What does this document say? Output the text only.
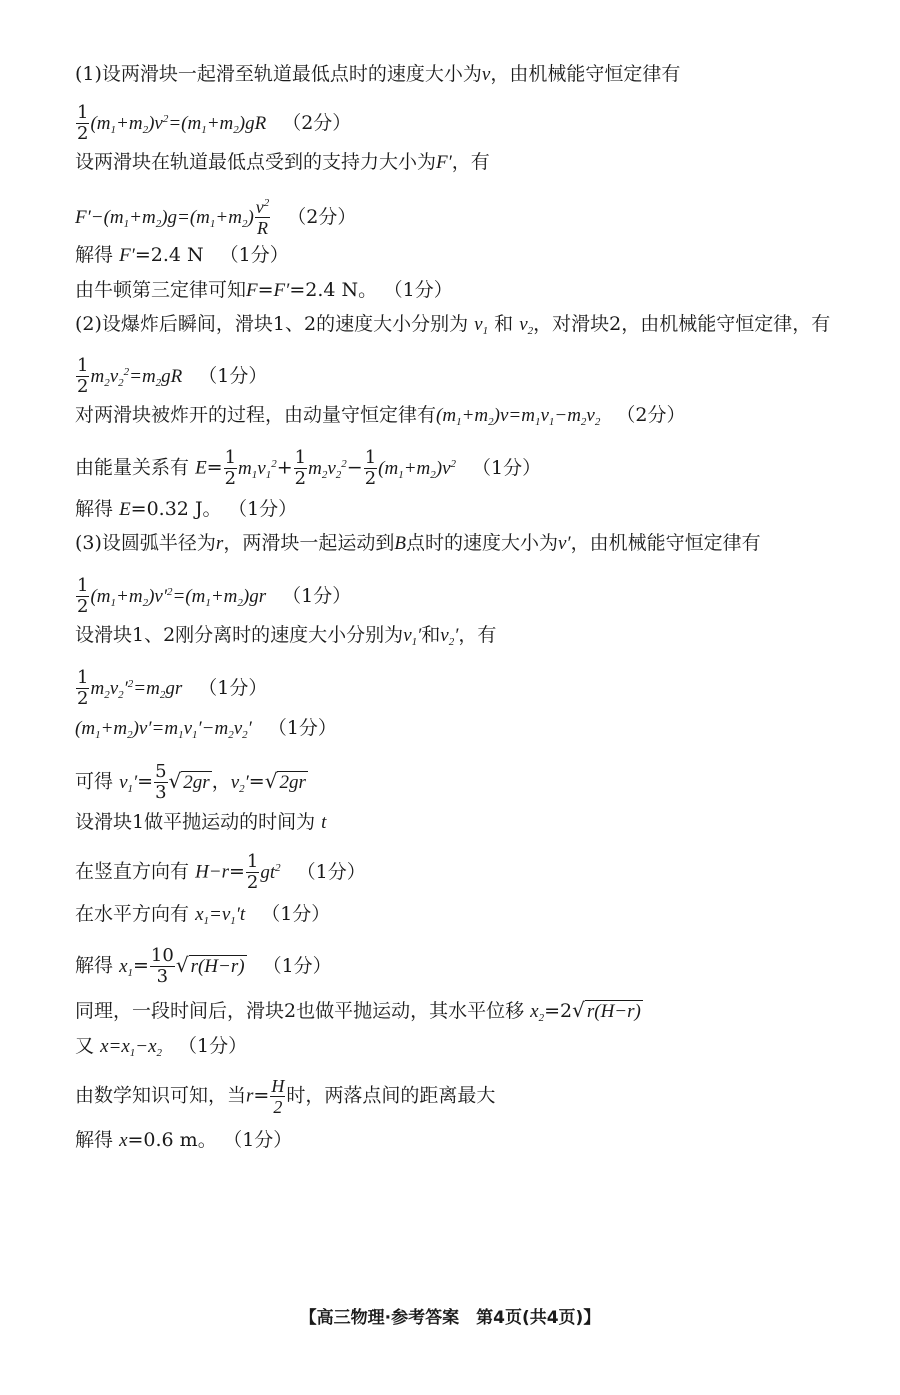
(1)设两滑块一起滑至轨道最低点时的速度大小为v，由机械能守恒定律有
$\frac{1}{2} (m_1+m_2)v^2=(m_1+m_2)gR$ （2分）
设两滑块在轨道最低点受到的支持力大小为F′，有
$F'-(m_1+m_2)g=(m_1+m_2) \frac{v^2}{R} (2$分）
解得 F′=2.4 N （1分）
由牛顿第三定律可知F=F′=2.4 N。 （1分）
(2)设爆炸后瞬间，滑块1、2的速度大小分别为 $v_1$ 和 $v_2$，对滑块2，由机械能守恒定律，有
$\frac{1}{2} m_2v_2^2=m_2gR$ （1分）
对两滑块被炸开的过程，由动量守恒定律有$(m_1+m_2)v=m_1v_1-m_2v_2$ （2分）
由能量关系有 $E= \frac{1}{2} m_1v_1^2+ \frac{1}{2} m_2v_2^2- \frac{1}{2} (m_1+m_2)v^2$ （1分）
解得 E=0.32 J。 （1分）
(3)设圆弧半径为r，两滑块一起运动到B点时的速度大小为v′，由机械能守恒定律有
$\frac{1}{2} (m_1+m_2)v'^2=(m_1+m_2)gr$ （1分）
设滑块1、2刚分离时的速度大小分别为$v_1'$和$v_2'$，有
$\frac{1}{2} m_2v_2'^2=m_2gr$ （1分）
$(m_1+m_2)v'=m_1v_1'-m_2v_2'$ （1分）
可得 $v_1'= \frac{5}{3}$ √ 2gr ，$v_2'=√$ 2gr
设滑块1做平抛运动的时间为 t
在竖直方向有 $H-r= \frac{1}{2} gt^2$ （1分）
在水平方向有 $x_1=v_1't$ （1分）
解得 $x_1= \frac{10}{3}$ √ r(H−r) （1分）
同理，一段时间后，滑块2也做平抛运动，其水平位移 $x_2=2√$ r(H−r)
又 $x=x_1-x_2$ （1分）
由数学知识可知，当$r= \frac{H}{2}$ 时，两落点间的距离最大
解得 x=0.6 m。 （1分）
【高三物理·参考答案　第4页(共4页)】
